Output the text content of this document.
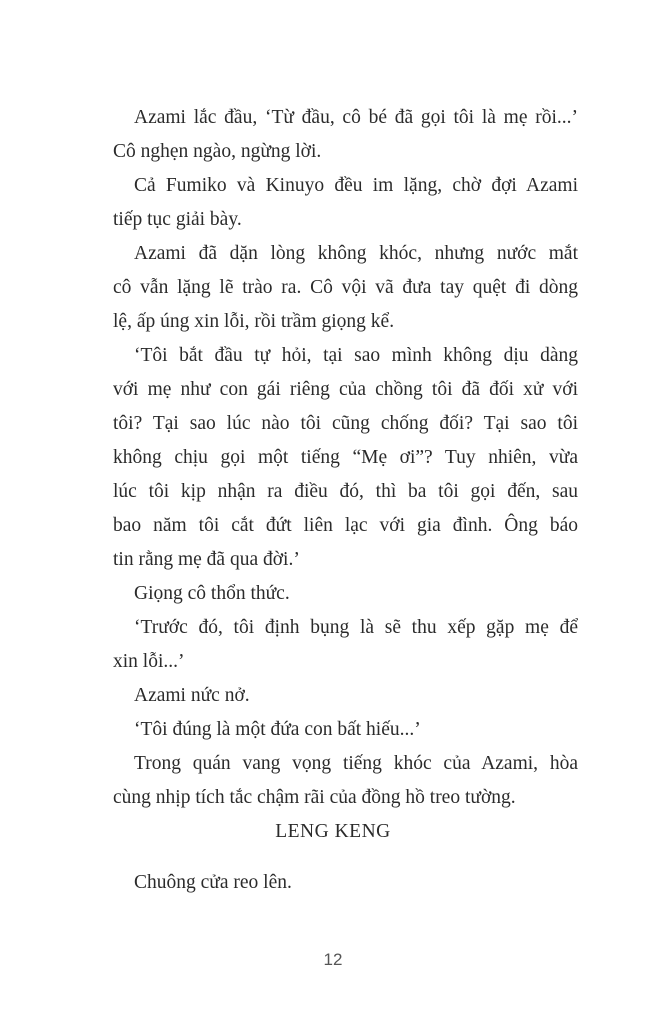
Azami lắc đầu, ‘Từ đầu, cô bé đã gọi tôi là mẹ rồi...’
Cô nghẹn ngào, ngừng lời.
Cả Fumiko và Kinuyo đều im lặng, chờ đợi Azami
tiếp tục giải bày.
Azami đã dặn lòng không khóc, nhưng nước mắt
cô vẫn lặng lẽ trào ra. Cô vội vã đưa tay quệt đi dòng
lệ, ấp úng xin lỗi, rồi trầm giọng kể.
‘Tôi bắt đầu tự hỏi, tại sao mình không dịu dàng
với mẹ như con gái riêng của chồng tôi đã đối xử với
tôi? Tại sao lúc nào tôi cũng chống đối? Tại sao tôi
không chịu gọi một tiếng “Mẹ ơi”? Tuy nhiên, vừa
lúc tôi kịp nhận ra điều đó, thì ba tôi gọi đến, sau
bao năm tôi cắt đứt liên lạc với gia đình. Ông báo
tin rằng mẹ đã qua đời.’
Giọng cô thổn thức.
‘Trước đó, tôi định bụng là sẽ thu xếp gặp mẹ để
xin lỗi...’
Azami nức nở.
‘Tôi đúng là một đứa con bất hiếu...’
Trong quán vang vọng tiếng khóc của Azami, hòa
cùng nhịp tích tắc chậm rãi của đồng hồ treo tường.
LENG KENG
Chuông cửa reo lên.
12
